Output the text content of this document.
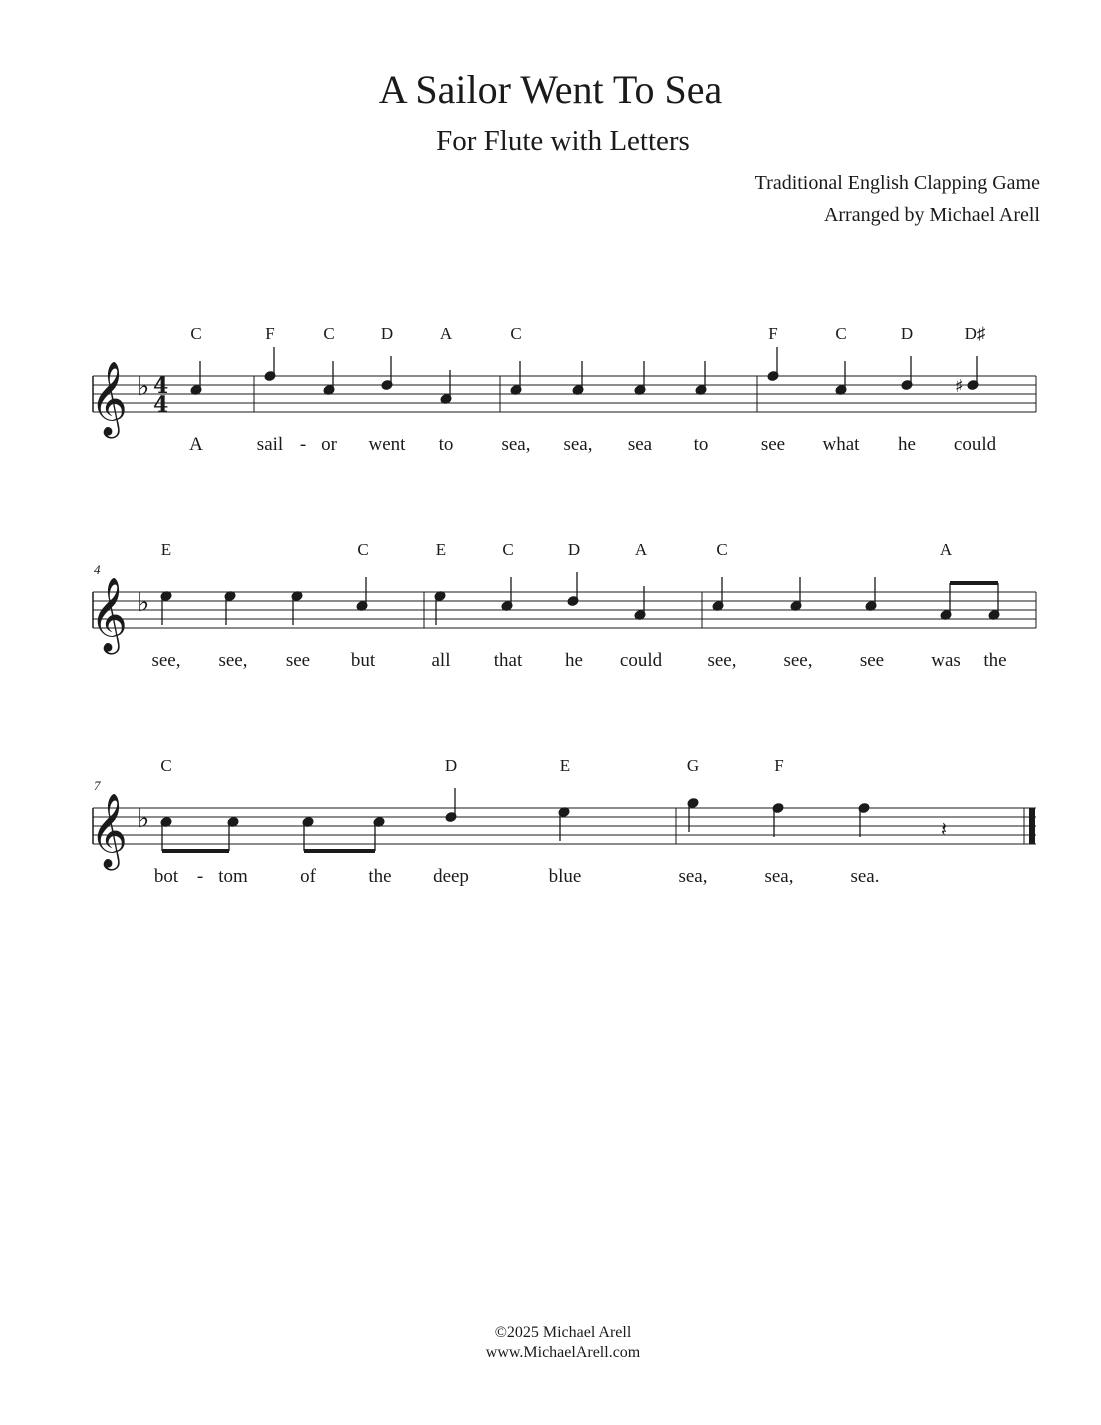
A Sailor Went To Sea
For Flute with Letters
Traditional English Clapping Game
Arranged by Michael Arell
𝄞 ♭ 4
4
♯
𝄞 ♭
𝄞 ♭	𝄽
C
A
F
sail
C
or
D
went
A
to
C
sea, sea, sea to
F
see
C
what
D
he
D♯
could
-
4
E
see, see, see
C
but
E
all
C
that
D
he
A
could
C
see, see, see
A
was the
7
C
bot tom	of	the
D
deep
E
blue
G
sea,
F
sea,	sea.
-
©2025 Michael Arell
www.MichaelArell.com
